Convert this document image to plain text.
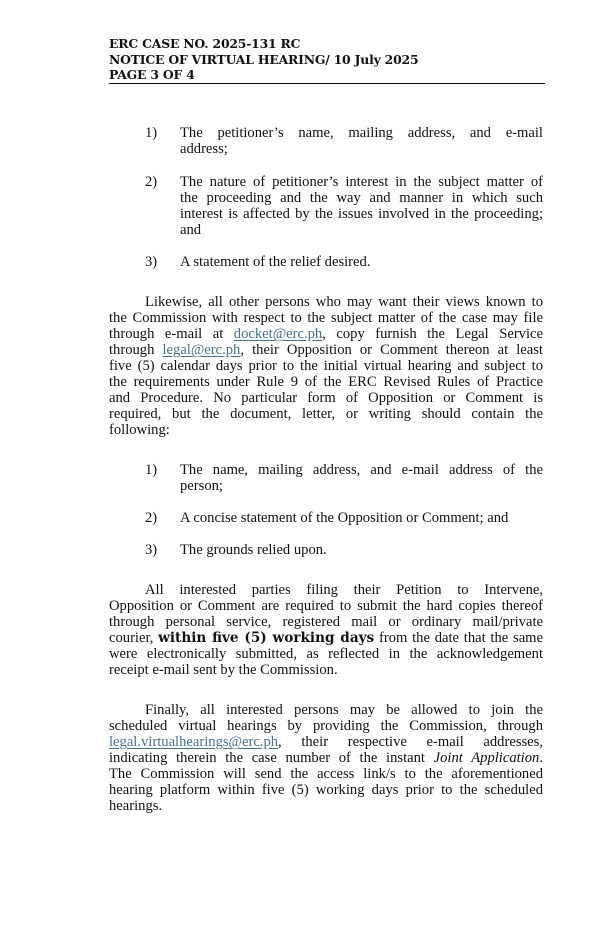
ERC CASE NO. 2025-131 RC
NOTICE OF VIRTUAL HEARING/ 10 July 2025
PAGE 3 OF 4
1) The petitioner’s name, mailing address, and e-mail
address;
2) The nature of petitioner’s interest in the subject matter of
the proceeding and the way and manner in which such
interest is affected by the issues involved in the proceeding;
and
3) A statement of the relief desired.
Likewise, all other persons who may want their views known to
the Commission with respect to the subject matter of the case may file
through e-mail at docket@erc.ph, copy furnish the Legal Service
through legal@erc.ph, their Opposition or Comment thereon at least
five (5) calendar days prior to the initial virtual hearing and subject to
the requirements under Rule 9 of the ERC Revised Rules of Practice
and Procedure. No particular form of Opposition or Comment is
required, but the document, letter, or writing should contain the
following:
1) The name, mailing address, and e-mail address of the
person;
2) A concise statement of the Opposition or Comment; and
3) The grounds relied upon.
All interested parties filing their Petition to Intervene,
Opposition or Comment are required to submit the hard copies thereof
through personal service, registered mail or ordinary mail/private
courier, within five (5) working days from the date that the same
were electronically submitted, as reflected in the acknowledgement
receipt e-mail sent by the Commission.
Finally, all interested persons may be allowed to join the
scheduled virtual hearings by providing the Commission, through
legal.virtualhearings@erc.ph, their respective e-mail addresses,
indicating therein the case number of the instant Joint Application.
The Commission will send the access link/s to the aforementioned
hearing platform within five (5) working days prior to the scheduled
hearings.
